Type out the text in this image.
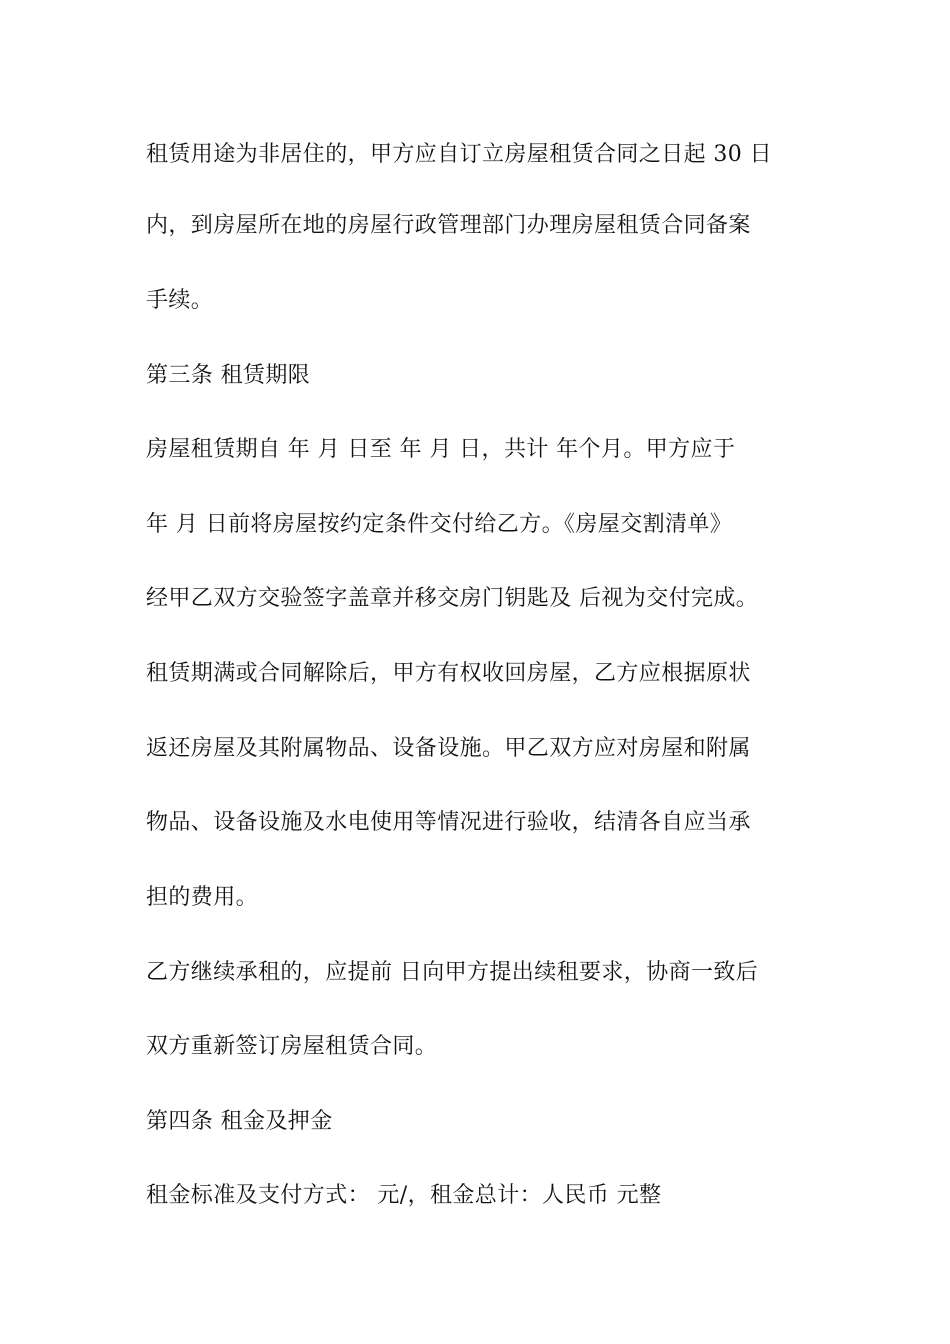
租赁用途为非居住的，甲方应自订立房屋租赁合同之日起 30 日
内，到房屋所在地的房屋行政管理部门办理房屋租赁合同备案
手续。
第三条 租赁期限
房屋租赁期自 年 月 日至 年 月 日，共计 年个月。甲方应于
年 月 日前将房屋按约定条件交付给乙方。《房屋交割清单》
经甲乙双方交验签字盖章并移交房门钥匙及 后视为交付完成。
租赁期满或合同解除后，甲方有权收回房屋，乙方应根据原状
返还房屋及其附属物品、设备设施。甲乙双方应对房屋和附属
物品、设备设施及水电使用等情况进行验收，结清各自应当承
担的费用。
乙方继续承租的，应提前 日向甲方提出续租要求，协商一致后
双方重新签订房屋租赁合同。
第四条 租金及押金
租金标准及支付方式： 元/，租金总计：人民币 元整
